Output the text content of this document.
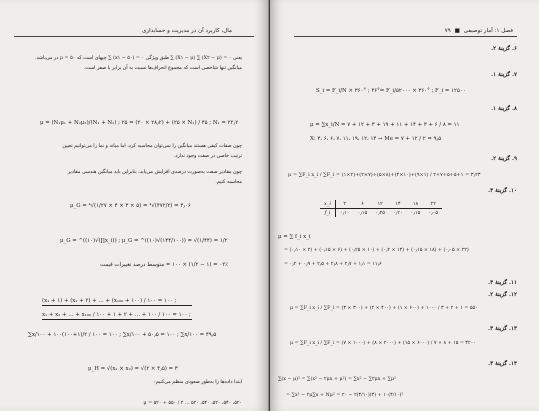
مال، کاربرد آن در مدیریت و حسابداری
یعنی ۰ = (X۲ − μ) ∑ (X۱ − μ) ∑ طبق ویژگی ۰ = (x۱ − ۵۰) ∑ چپهای است که ۵۰ = μ در می‌باشد.
میانگین تنها شاخصی است که مجموع انحراف‌ها نسبت به آن برابر با صفر است.
μ = (N₁μ₁ + N₂μ₂)/(N₁ + N₂) ; ۲۵ = (۲۰ × ۲۸٫۲) + (۲۵ × N₁) / ۴۵ ; N₁ = ۲۲٫۲
چون صفات کیفی هستند میانگین را نمی‌توان محاسبه کرد، اما میانه و نما را می‌توانیم تعیین
ترتیب خاصی در صفت وجود ندارد.
چون مقادیر صفت به‌صورت درصدی افزایش می‌یابد، بنابراین باید میانگین هندسی مقادیر
محاسبه کنیم.
μ_G = ⁴√(۱/۲۷ × ۴ × ۳ × ۵) = ⁴√(۴۷۲/۲) = ۴٫۰۶
μ_G = ^((۱۰)√(∏x_i)) ; μ_G = ^((۱۰)√(۱۴۴/۱۰۰)) = √(۱/۴۴) = ۱/۲
۰۲٪ = (۱ − ۱/۲) × ۱۰۰ = متوسط درصد تغییرات قیمت
(x₁ + ۱) + (x₂ + ۲) + … + (x₁₀₀ + ۱۰۰) / ۱۰۰ = ۱۰۰ ;
x₁ + x₂ + … + x₁₀₀ / ۱۰۰ + ۱ + ۲ + … + ۱۰۰ / ۱۰۰ = ۱۰۰ ;
∑x/۱۰۰ + ۱۰۰(۱۰۰+۱)/۲ / ۱۰۰ = ۱۰۰ ; ∑x/۱۰۰ + ۵۰٫۵ = ۱۰۰ ; ∑x/۱۰۰ = ۴۹٫۵
μ_H = √(x₁ × x₂) = √(۲ × ۴٫۵) = ۳
ابتدا داده‌ها را به‌طور صعودی منظم می‌کنیم:
۵۲۰، ۵۴۰، ۵۲۰، ۵۴۰، ۵۲۰ ... μ = ۵۲۰ + ۵۵۰ / ۲
فصل ۱: آمار توصیفی ■ ۷۹
۶. گزینهٔ ۲.
۷. گزینهٔ ۱.
S_i = F_i/N × ۳۶۰° ; ۳۶°= F_i/۵۲۰۰۰ × ۳۶۰° ; F_i = ۱۲۵۰۰
۸. گزینهٔ ۱.
μ = ∑x_i/N = ۷ + ۱۲ + ۳ + ۱۹ + ۱۱ + ۱۴ + ۳ + ۶ / ۸ = ۱۱
X: ۳، ۶، ۶، ۷، ۱۱، ۱۹، ۱۲، ۱۴ → Me = ۷ + ۱۲ / ۲ = ۹٫۵
۹. گزینهٔ ۲.
μ = ∑F_i x_i / ∑F_i = (۱×۲)+(۲×۷)+(۵×۸)+(۴×۱۰)+(۹×۱) / ۲+۷+۵+۵+۱ = ۳٫۲۳
۱۰. گزینهٔ ۳.
x_i	۲	۶	۱۲	۱۴	۱۸	۲۲
f_i	۰٫۱۰	۰٫۱۵	۰٫۲۵	۰٫۲۰	۰٫۱۵	۰٫۰۵
μ = ∑ f_i x_i
= (۰٫۱۰ × ۲) + (۰٫۱۵ × ۶) + (۰٫۲۵ × ۱۰) + (۰٫۲ × ۱۴) + (۰٫۱۵ × ۱۸) + (۰٫۰۵ × ۲۲)
= ۰٫۲ + ۰٫۹ + ۲٫۵ + ۲٫۸ + ۲٫۷ + ۱٫۱ = ۱۱٫۶
۱۱. گزینهٔ ۳.
۱۲. گزینهٔ ۲.
μ = ∑F_i x_i / ∑F_i = (۳ × ۳۰۰) + (۲ × ۴۰۰) + (۱ × ۶۰۰) + ۱۰۰۰ / ۳ + ۲ + ۱ = ۵۵۰
۱۳. گزینهٔ ۳.
μ = ∑F_i x_i / ∑F_i = (۷ × ۱۰۰۰) + (۸ × ۲۰۰۰) + (۱۵ × ۶۰۰۰) / ۷ + ۸ + ۱۵ = ۴۲۰۰
۱۴. گزینهٔ ۳.
∑(x − μ)² = ∑(x² − ۲μx + μ²) = ∑x² − ∑۲μx + ∑μ²
= ∑x² − ۲μ∑x + Nμ² = ۲۰ − ۲(۴/۱۰)(۴) + ۱۰(۴/۱۰)²
